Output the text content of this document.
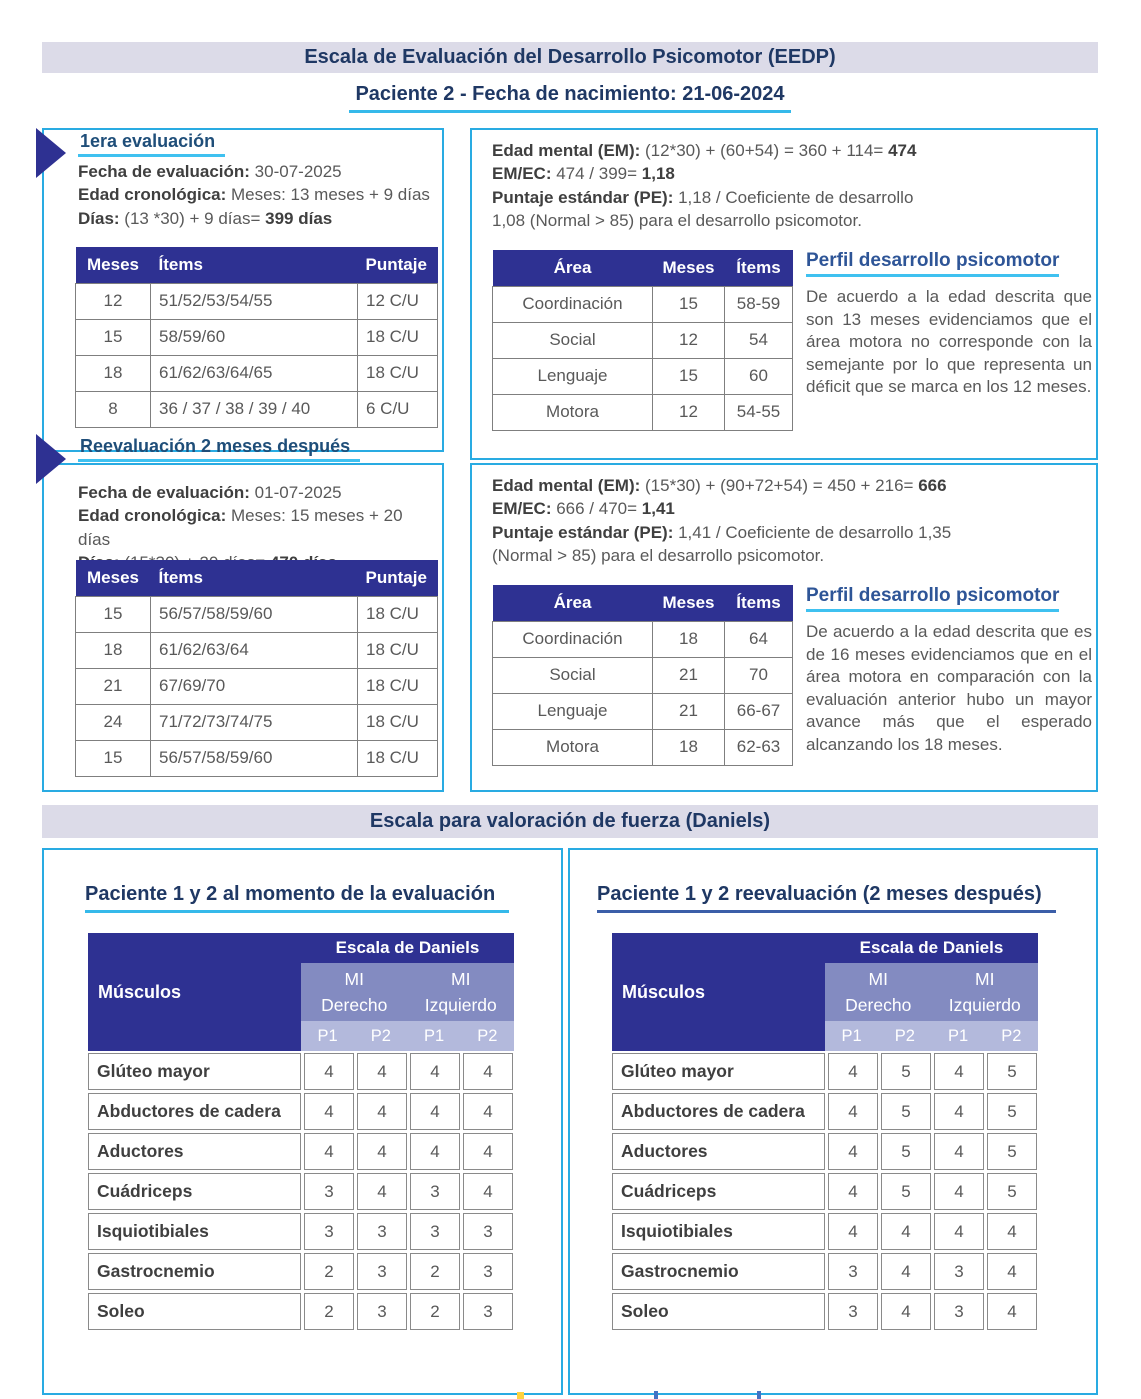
Escala de Evaluación del Desarrollo Psicomotor (EEDP)
Paciente 2 - Fecha de nacimiento: 21-06-2024
1era evaluación
Reevaluación 2 meses después

Fecha de evaluación: 30-07-2025

Edad cronológica: Meses: 13 meses + 9 días

Días: (13 *30) + 9 días= 399 días

Meses	Ítems	Puntaje
12	51/52/53/54/55	12 C/U
15	58/59/60	18 C/U
18	61/62/63/64/65	18 C/U
8	36 / 37 / 38 / 39 / 40	6 C/U

Edad mental (EM): (12*30) + (60+54) = 360 + 114= 474

EM/EC: 474 / 399= 1,18

Puntaje estándar (PE): 1,18 / Coeficiente de desarrollo

1,08 (Normal > 85) para el desarrollo psicomotor.

Área	Meses	Ítems
Coordinación	15	58-59
Social	12	54
Lenguaje	15	60
Motora	12	54-55
Perfil desarrollo psicomotor

De acuerdo a la edad descrita que son 13 meses evidenciamos que el área motora no corresponde con la semejante por lo que representa un déficit que se marca en los 12 meses.

Fecha de evaluación: 01-07-2025

Edad cronológica: Meses: 15 meses + 20 días

Meses	Ítems	Puntaje
15	56/57/58/59/60	18 C/U
18	61/62/63/64	18 C/U
21	67/69/70	18 C/U
24	71/72/73/74/75	18 C/U
15	56/57/58/59/60	18 C/U

Edad mental (EM): (15*30) + (90+72+54) = 450 + 216= 666

EM/EC: 666 / 470= 1,41

Puntaje estándar (PE): 1,41 / Coeficiente de desarrollo 1,35

(Normal > 85) para el desarrollo psicomotor.

Área	Meses	Ítems
Coordinación	18	64
Social	21	70
Lenguaje	21	66-67
Motora	18	62-63
Perfil desarrollo psicomotor

De acuerdo a la edad descrita que es de 16 meses evidenciamos que en el área motora en comparación con la evaluación anterior hubo un mayor avance más que el esperado alcanzando los 18 meses.

Escala para valoración de fuerza (Daniels)
Paciente 1 y 2 al momento de la evaluación	Paciente 1 y 2 reevaluación (2 meses después)
Músculos
Escala de Daniels
MI
Derecho
MI
Izquierdo
P1	P2	P1	P2
Glúteo mayor	4	4	4	4
Abductores de cadera	4	4	4	4
Aductores	4	4	4	4
Cuádriceps	3	4	3	4
Isquiotibiales	3	3	3	3
Gastrocnemio	2	3	2	3
Soleo	2	3	2	3
Músculos
Escala de Daniels
MI
Derecho
MI
Izquierdo
P1	P2	P1	P2
Glúteo mayor	4	5	4	5
Abductores de cadera	4	5	4	5
Aductores	4	5	4	5
Cuádriceps	4	5	4	5
Isquiotibiales	4	4	4	4
Gastrocnemio	3	4	3	4
Soleo	3	4	3	4
